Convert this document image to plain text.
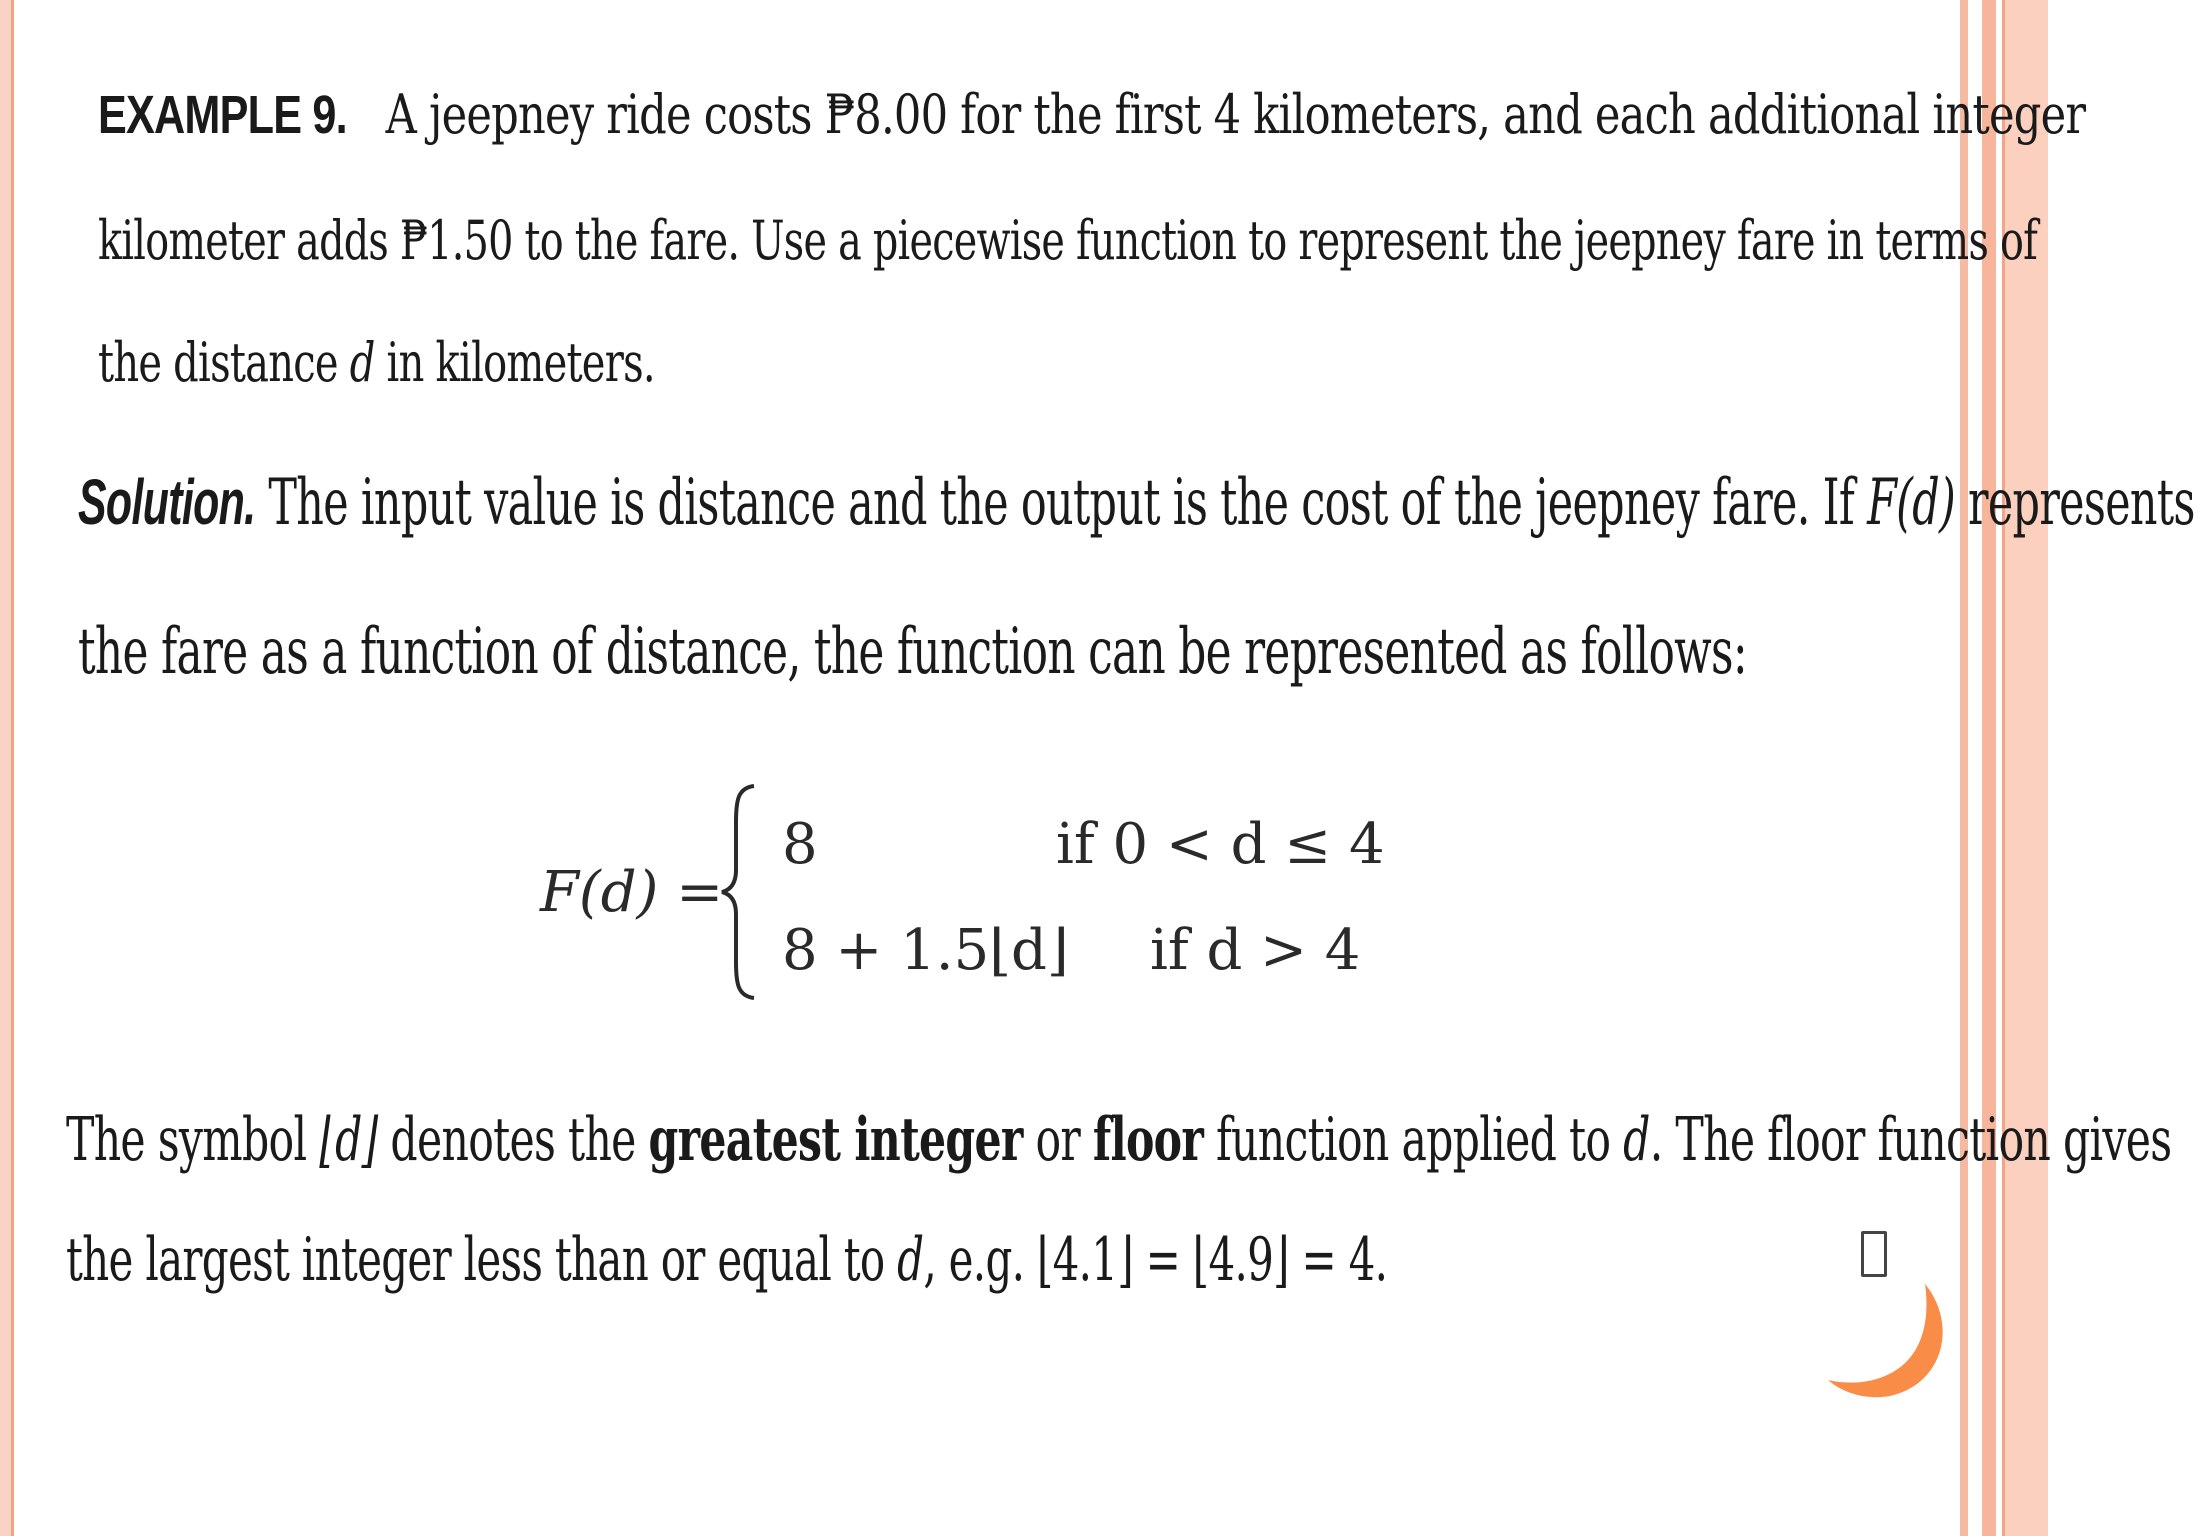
EXAMPLE 9. A jeepney ride costs ₱8.00 for the first 4 kilometers, and each additional integer
kilometer adds ₱1.50 to the fare. Use a piecewise function to represent the jeepney fare in terms of
the distance d in kilometers.
Solution. The input value is distance and the output is the cost of the jeepney fare. If F(d) represents
the fare as a function of distance, the function can be represented as follows:
F(d) =
8	if 0 < d ≤ 4
8 + 1.5⌊d⌋ if d > 4
The symbol ⌊d⌋ denotes the greatest integer or floor function applied to d. The floor function gives
the largest integer less than or equal to d, e.g. ⌊4.1⌋ = ⌊4.9⌋ = 4.
